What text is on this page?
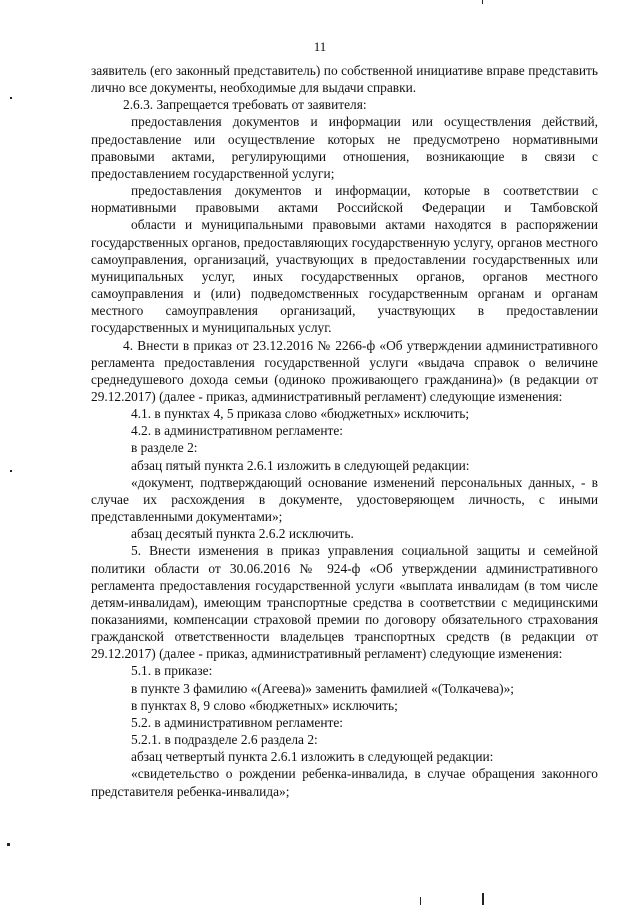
11

заявитель (его законный представитель) по собственной инициативе вправе представить лично все документы, необходимые для выдачи справки.

2.6.3. Запрещается требовать от заявителя:

предоставления документов и информации или осуществления действий, предоставление или осуществление которых не предусмотрено нормативными правовыми актами, регулирующими отношения, возникающие в связи с предоставлением государственной услуги;

предоставления документов и информации, которые в соответствии с нормативными правовыми актами Российской Федерации и Тамбовской

области и муниципальными правовыми актами находятся в распоряжении государственных органов, предоставляющих государственную услугу, органов местного самоуправления, организаций, участвующих в предоставлении государственных или муниципальных услуг, иных государственных органов, органов местного самоуправления и (или) подведомственных государственным органам и органам местного самоуправления организаций, участвующих в предоставлении государственных и муниципальных услуг.

4. Внести в приказ от 23.12.2016 № 2266-ф «Об утверждении административного регламента предоставления государственной услуги «выдача справок о величине среднедушевого дохода семьи (одиноко проживающего гражданина)» (в редакции от 29.12.2017) (далее - приказ, административный регламент) следующие изменения:

4.1. в пунктах 4, 5 приказа слово «бюджетных» исключить;

4.2. в административном регламенте:

в разделе 2:

абзац пятый пункта 2.6.1 изложить в следующей редакции:

«документ, подтверждающий основание изменений персональных данных, - в случае их расхождения в документе, удостоверяющем личность, с иными представленными документами»;

абзац десятый пункта 2.6.2 исключить.

5. Внести изменения в приказ управления социальной защиты и семейной политики области от 30.06.2016 № 924-ф «Об утверждении административного регламента предоставления государственной услуги «выплата инвалидам (в том числе детям-инвалидам), имеющим транспортные средства в соответствии с медицинскими показаниями, компенсации страховой премии по договору обязательного страхования гражданской ответственности владельцев транспортных средств (в редакции от 29.12.2017) (далее - приказ, административный регламент) следующие изменения:

5.1. в приказе:

в пункте 3 фамилию «(Агеева)» заменить фамилией «(Толкачева)»;

в пунктах 8, 9 слово «бюджетных» исключить;

5.2. в административном регламенте:

5.2.1. в подразделе 2.6 раздела 2:

абзац четвертый пункта 2.6.1 изложить в следующей редакции:

«свидетельство о рождении ребенка-инвалида, в случае обращения законного представителя ребенка-инвалида»;
